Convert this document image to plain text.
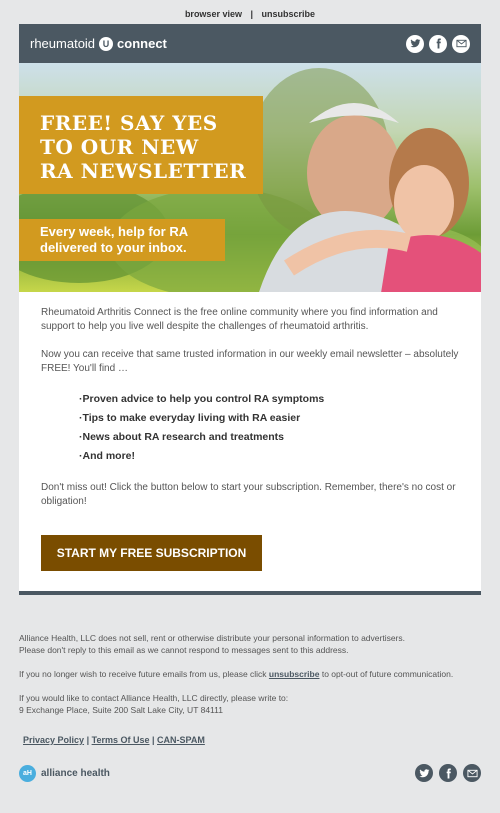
browser view | unsubscribe
rheumatoid U connect
FREE! SAY YES
TO OUR NEW
RA NEWSLETTER
Every week, help for RA
delivered to your inbox.

Rheumatoid Arthritis Connect is the free online community where you find information and support to help you live well despite the challenges of rheumatoid arthritis.

Now you can receive that same trusted information in our weekly email newsletter – absolutely FREE! You'll find …

· Proven advice to help you control RA symptoms
· Tips to make everyday living with RA easier
· News about RA research and treatments
· And more!

Don't miss out! Click the button below to start your subscription. Remember, there's no cost or obligation!

START MY FREE SUBSCRIPTION

Alliance Health, LLC does not sell, rent or otherwise distribute your personal information to advertisers.
Please don't reply to this email as we cannot respond to messages sent to this address.

If you no longer wish to receive future emails from us, please click unsubscribe to opt-out of future communication.

If you would like to contact Alliance Health, LLC directly, please write to:
9 Exchange Place, Suite 200 Salt Lake City, UT 84111

Privacy Policy | Terms Of Use | CAN-SPAM
aH alliance health
